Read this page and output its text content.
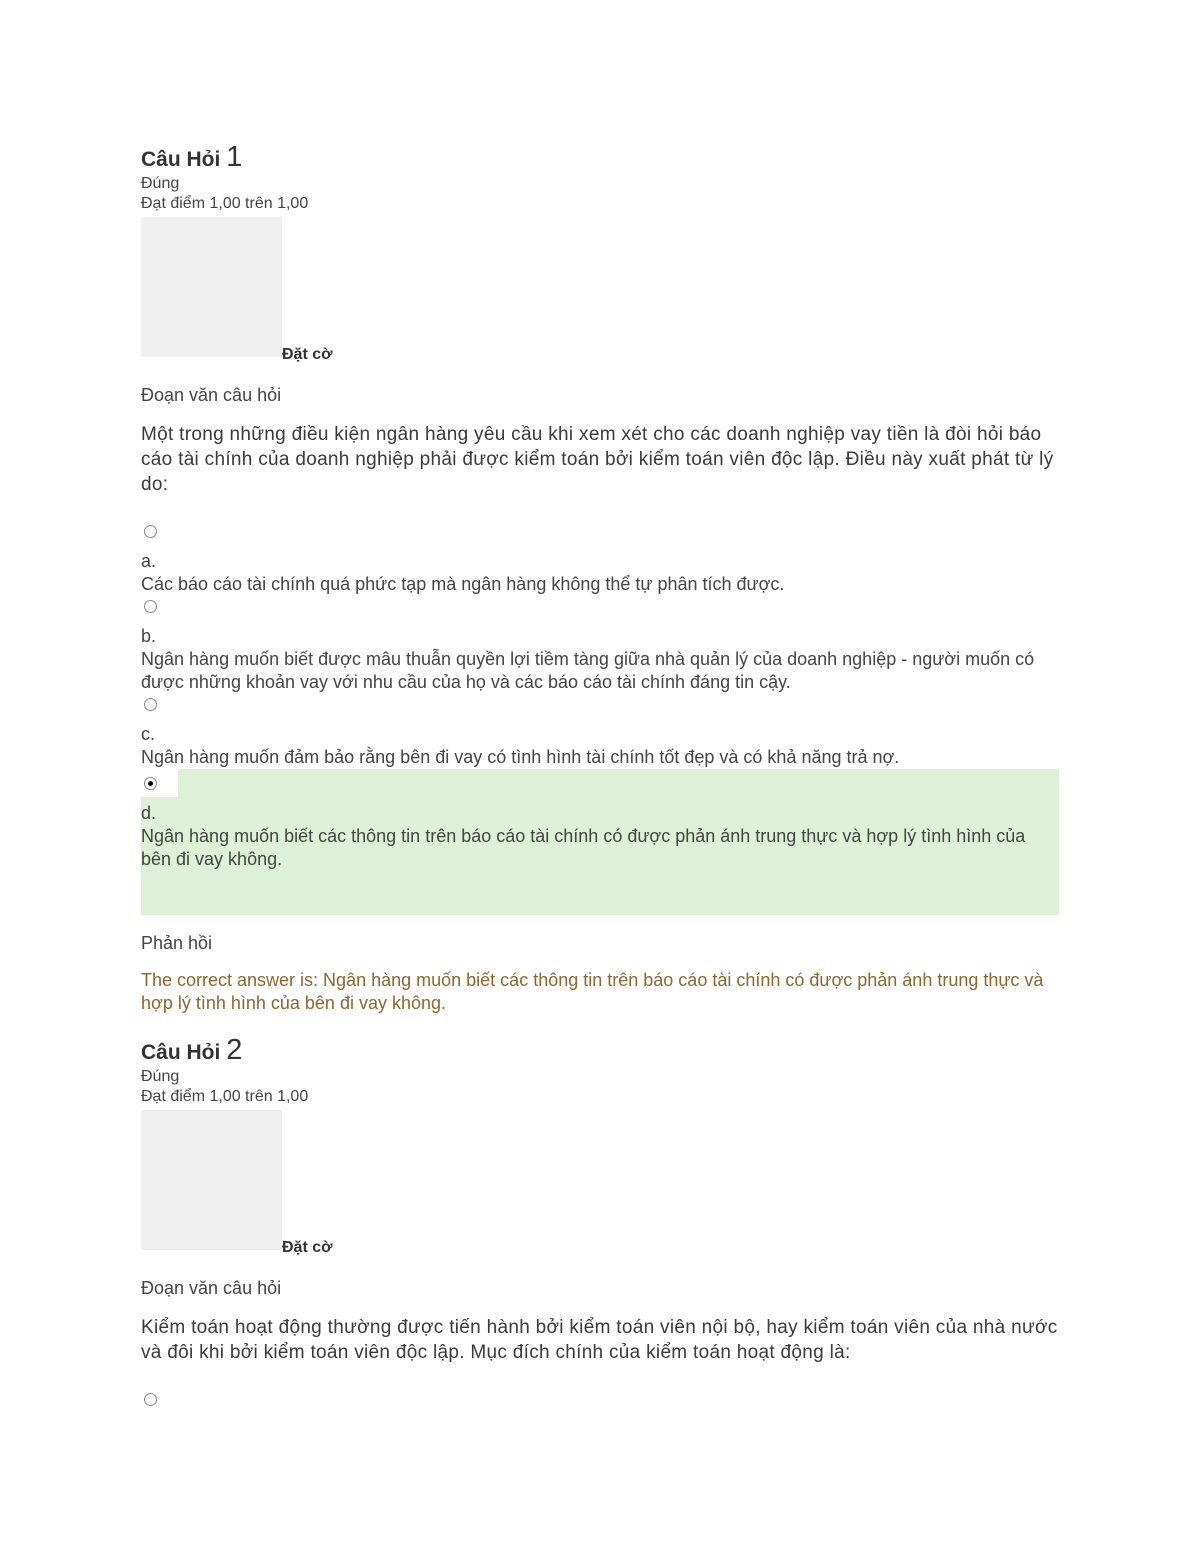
Câu Hỏi 1
Đúng
Đạt điểm 1,00 trên 1,00
Đặt cờ
Đoạn văn câu hỏi
Một trong những điều kiện ngân hàng yêu cầu khi xem xét cho các doanh nghiệp vay tiền là đòi hỏi báo cáo tài chính của doanh nghiệp phải được kiểm toán bởi kiểm toán viên độc lập. Điều này xuất phát từ lý do:
a.
Các báo cáo tài chính quá phức tạp mà ngân hàng không thể tự phân tích được.
b.
Ngân hàng muốn biết được mâu thuẫn quyền lợi tiềm tàng giữa nhà quản lý của doanh nghiệp - người muốn có được những khoản vay với nhu cầu của họ và các báo cáo tài chính đáng tin cậy.
c.
Ngân hàng muốn đảm bảo rằng bên đi vay có tình hình tài chính tốt đẹp và có khả năng trả nợ.
d.
Ngân hàng muốn biết các thông tin trên báo cáo tài chính có được phản ánh trung thực và hợp lý tình hình của bên đi vay không.
Phản hồi
The correct answer is: Ngân hàng muốn biết các thông tin trên báo cáo tài chính có được phản ánh trung thực và hợp lý tình hình của bên đi vay không.
Câu Hỏi 2
Đúng
Đạt điểm 1,00 trên 1,00
Đặt cờ
Đoạn văn câu hỏi
Kiểm toán hoạt động thường được tiến hành bởi kiểm toán viên nội bộ, hay kiểm toán viên của nhà nước và đôi khi bởi kiểm toán viên độc lập. Mục đích chính của kiểm toán hoạt động là:
